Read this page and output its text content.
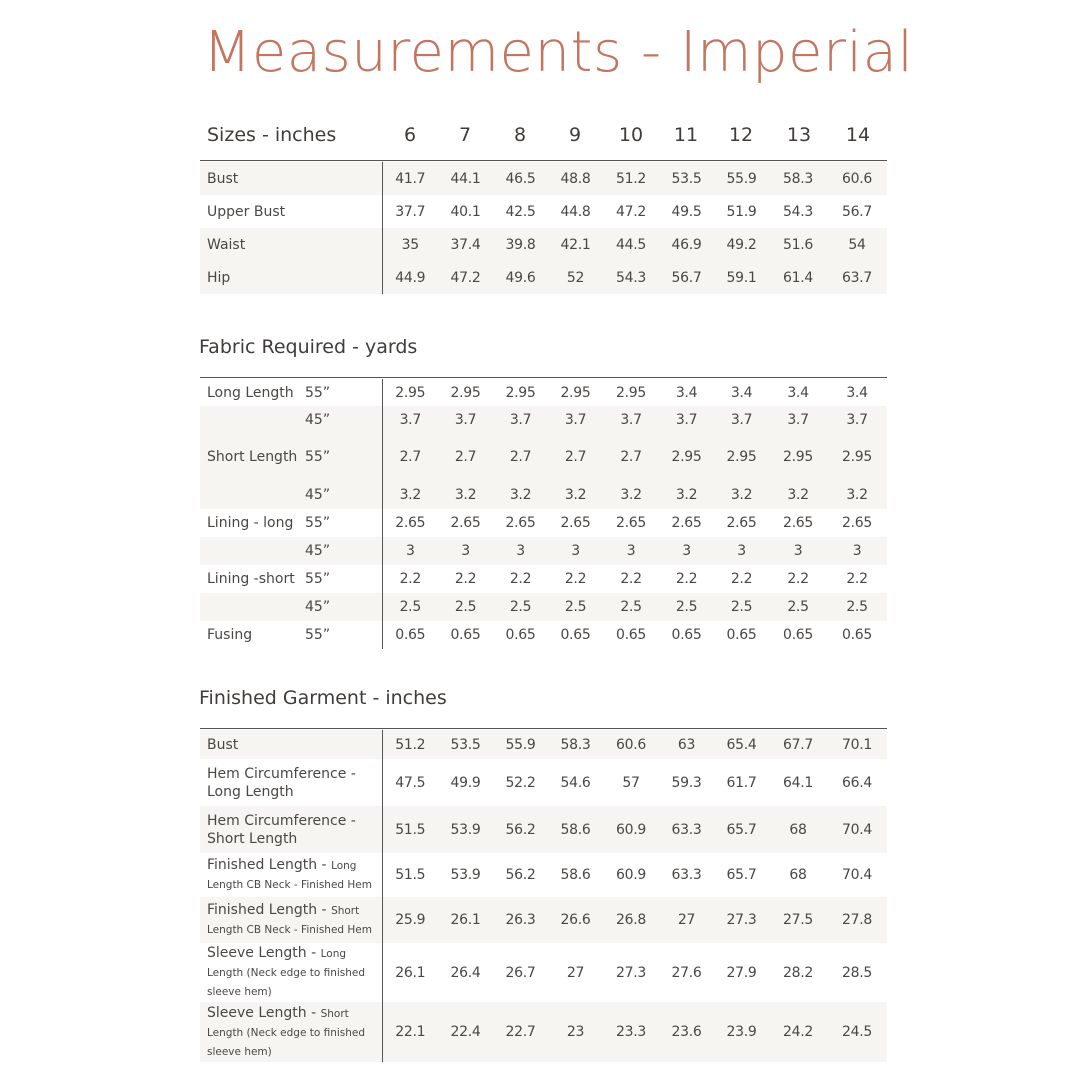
Measurements - Imperial
Sizes - inches	6	7	8	9	10	11	12	13	14
Bust	41.7	44.1	46.5	48.8	51.2	53.5	55.9	58.3	60.6
Upper Bust	37.7	40.1	42.5	44.8	47.2	49.5	51.9	54.3	56.7
Waist	35	37.4	39.8	42.1	44.5	46.9	49.2	51.6	54
Hip	44.9	47.2	49.6	52	54.3	56.7	59.1	61.4	63.7
Fabric Required - yards
Long Length	55”	2.95	2.95	2.95	2.95	2.95	3.4	3.4	3.4	3.4
	45”	3.7	3.7	3.7	3.7	3.7	3.7	3.7	3.7	3.7
Short Length	55”	2.7	2.7	2.7	2.7	2.7	2.95	2.95	2.95	2.95
	45”	3.2	3.2	3.2	3.2	3.2	3.2	3.2	3.2	3.2
Lining - long	55”	2.65	2.65	2.65	2.65	2.65	2.65	2.65	2.65	2.65
	45”	3	3	3	3	3	3	3	3	3
Lining -short	55”	2.2	2.2	2.2	2.2	2.2	2.2	2.2	2.2	2.2
	45”	2.5	2.5	2.5	2.5	2.5	2.5	2.5	2.5	2.5
Fusing	55”	0.65	0.65	0.65	0.65	0.65	0.65	0.65	0.65	0.65
Finished Garment - inches
Bust	51.2	53.5	55.9	58.3	60.6	63	65.4	67.7	70.1
Hem Circumference - Long Length	47.5	49.9	52.2	54.6	57	59.3	61.7	64.1	66.4
Hem Circumference - Short Length	51.5	53.9	56.2	58.6	60.9	63.3	65.7	68	70.4
Finished Length - Long Length CB Neck - Finished Hem	51.5	53.9	56.2	58.6	60.9	63.3	65.7	68	70.4
Finished Length - Short Length CB Neck - Finished Hem	25.9	26.1	26.3	26.6	26.8	27	27.3	27.5	27.8
Sleeve Length - Long Length (Neck edge to finished sleeve hem)	26.1	26.4	26.7	27	27.3	27.6	27.9	28.2	28.5
Sleeve Length - Short Length (Neck edge to finished sleeve hem)	22.1	22.4	22.7	23	23.3	23.6	23.9	24.2	24.5
